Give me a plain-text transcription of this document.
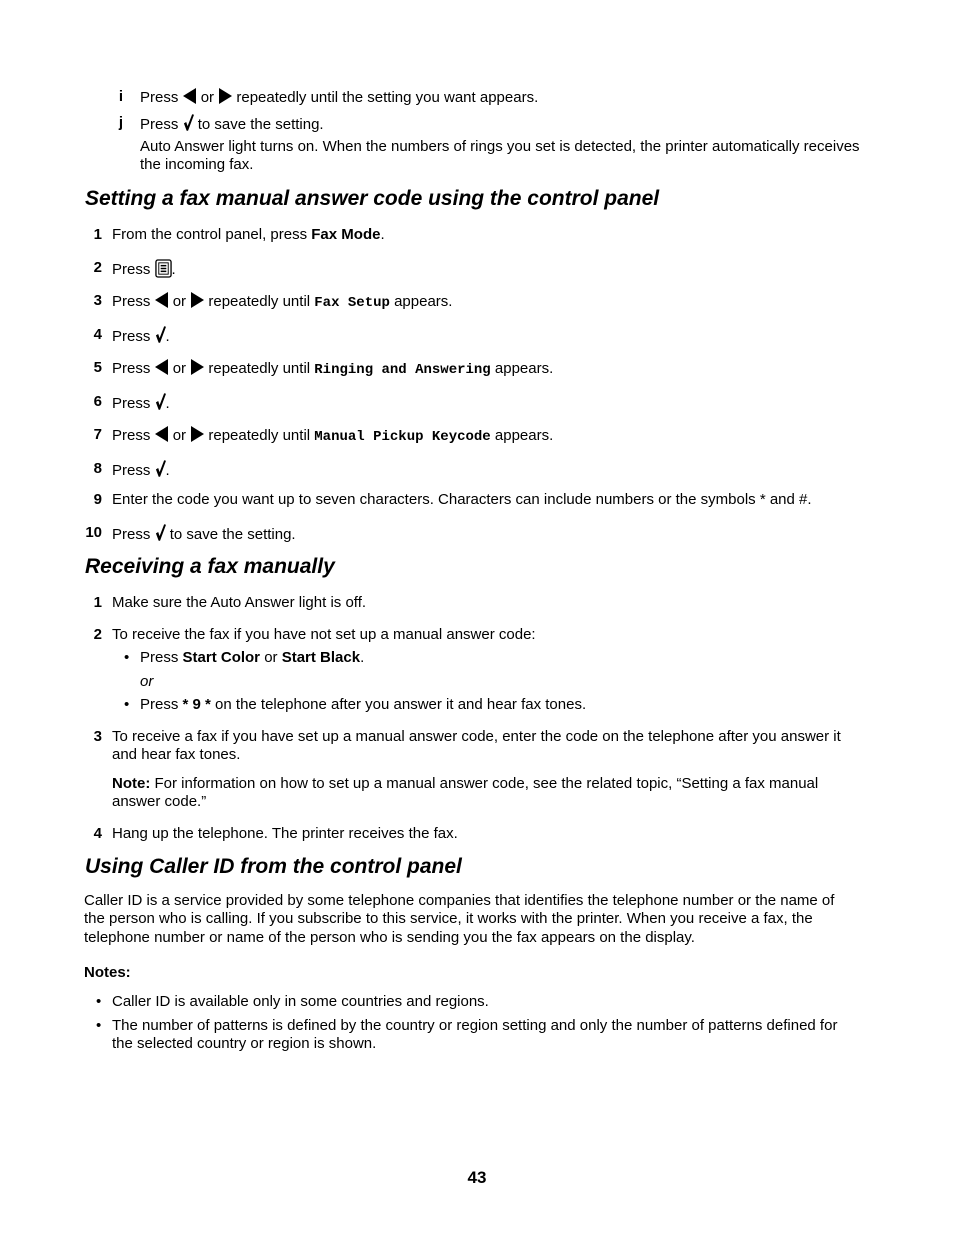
i Press or repeatedly until the setting you want appears.
j Press to save the setting.
Auto Answer light turns on. When the numbers of rings you set is detected, the printer automatically receives
the incoming fax.
Setting a fax manual answer code using the control panel
1 From the control panel, press Fax Mode.
2 Press .
3 Press or repeatedly until Fax Setup appears.
4 Press .
5 Press or repeatedly until Ringing and Answering appears.
6 Press .
7 Press or repeatedly until Manual Pickup Keycode appears.
8 Press .
9 Enter the code you want up to seven characters. Characters can include numbers or the symbols * and #.
10 Press to save the setting.
Receiving a fax manually
1 Make sure the Auto Answer light is off.
2 To receive the fax if you have not set up a manual answer code:
• Press Start Color or Start Black.
or
• Press * 9 * on the telephone after you answer it and hear fax tones.
3 To receive a fax if you have set up a manual answer code, enter the code on the telephone after you answer it
and hear fax tones.
Note: For information on how to set up a manual answer code, see the related topic, “Setting a fax manual
answer code.”
4 Hang up the telephone. The printer receives the fax.
Using Caller ID from the control panel
Caller ID is a service provided by some telephone companies that identifies the telephone number or the name of
the person who is calling. If you subscribe to this service, it works with the printer. When you receive a fax, the
telephone number or name of the person who is sending you the fax appears on the display.
Notes:
• Caller ID is available only in some countries and regions.
• The number of patterns is defined by the country or region setting and only the number of patterns defined for
the selected country or region is shown.
43
